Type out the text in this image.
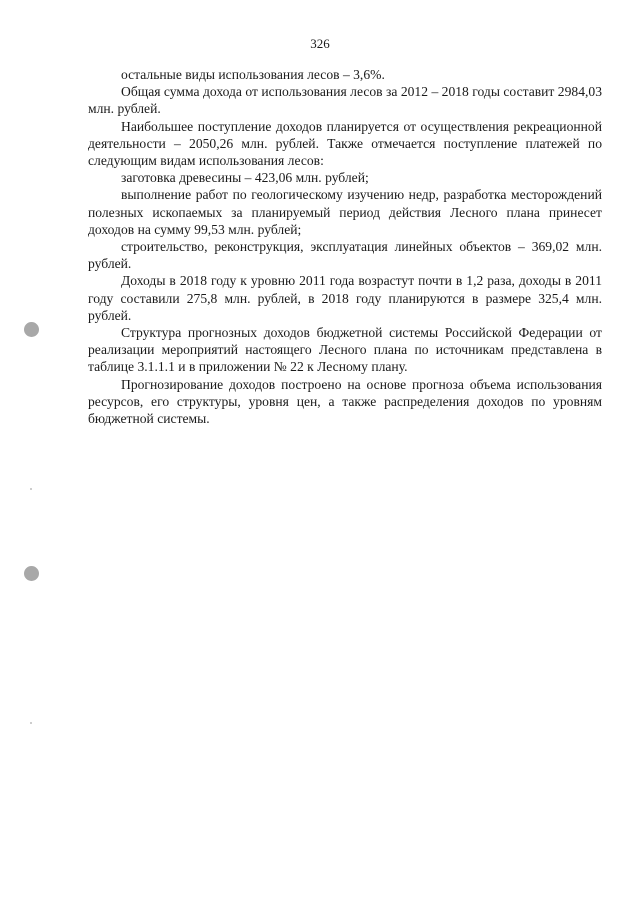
326

остальные виды использования лесов – 3,6%.

Общая сумма дохода от использования лесов за 2012 – 2018 годы составит 2984,03 млн. рублей.

Наибольшее поступление доходов планируется от осуществления рекреационной деятельности – 2050,26 млн. рублей. Также отмечается поступление платежей по следующим видам использования лесов:

заготовка древесины – 423,06 млн. рублей;

выполнение работ по геологическому изучению недр, разработка месторождений полезных ископаемых за планируемый период действия Лесного плана принесет доходов на сумму 99,53 млн. рублей;

строительство, реконструкция, эксплуатация линейных объектов – 369,02 млн. рублей.

Доходы в 2018 году к уровню 2011 года возрастут почти в 1,2 раза, доходы в 2011 году составили 275,8 млн. рублей, в 2018 году планируются в размере 325,4 млн. рублей.

Структура прогнозных доходов бюджетной системы Российской Федерации от реализации мероприятий настоящего Лесного плана по источникам представлена в таблице 3.1.1.1 и в приложении № 22 к Лесному плану.

Прогнозирование доходов построено на основе прогноза объема использования ресурсов, его структуры, уровня цен, а также распределения доходов по уровням бюджетной системы.
